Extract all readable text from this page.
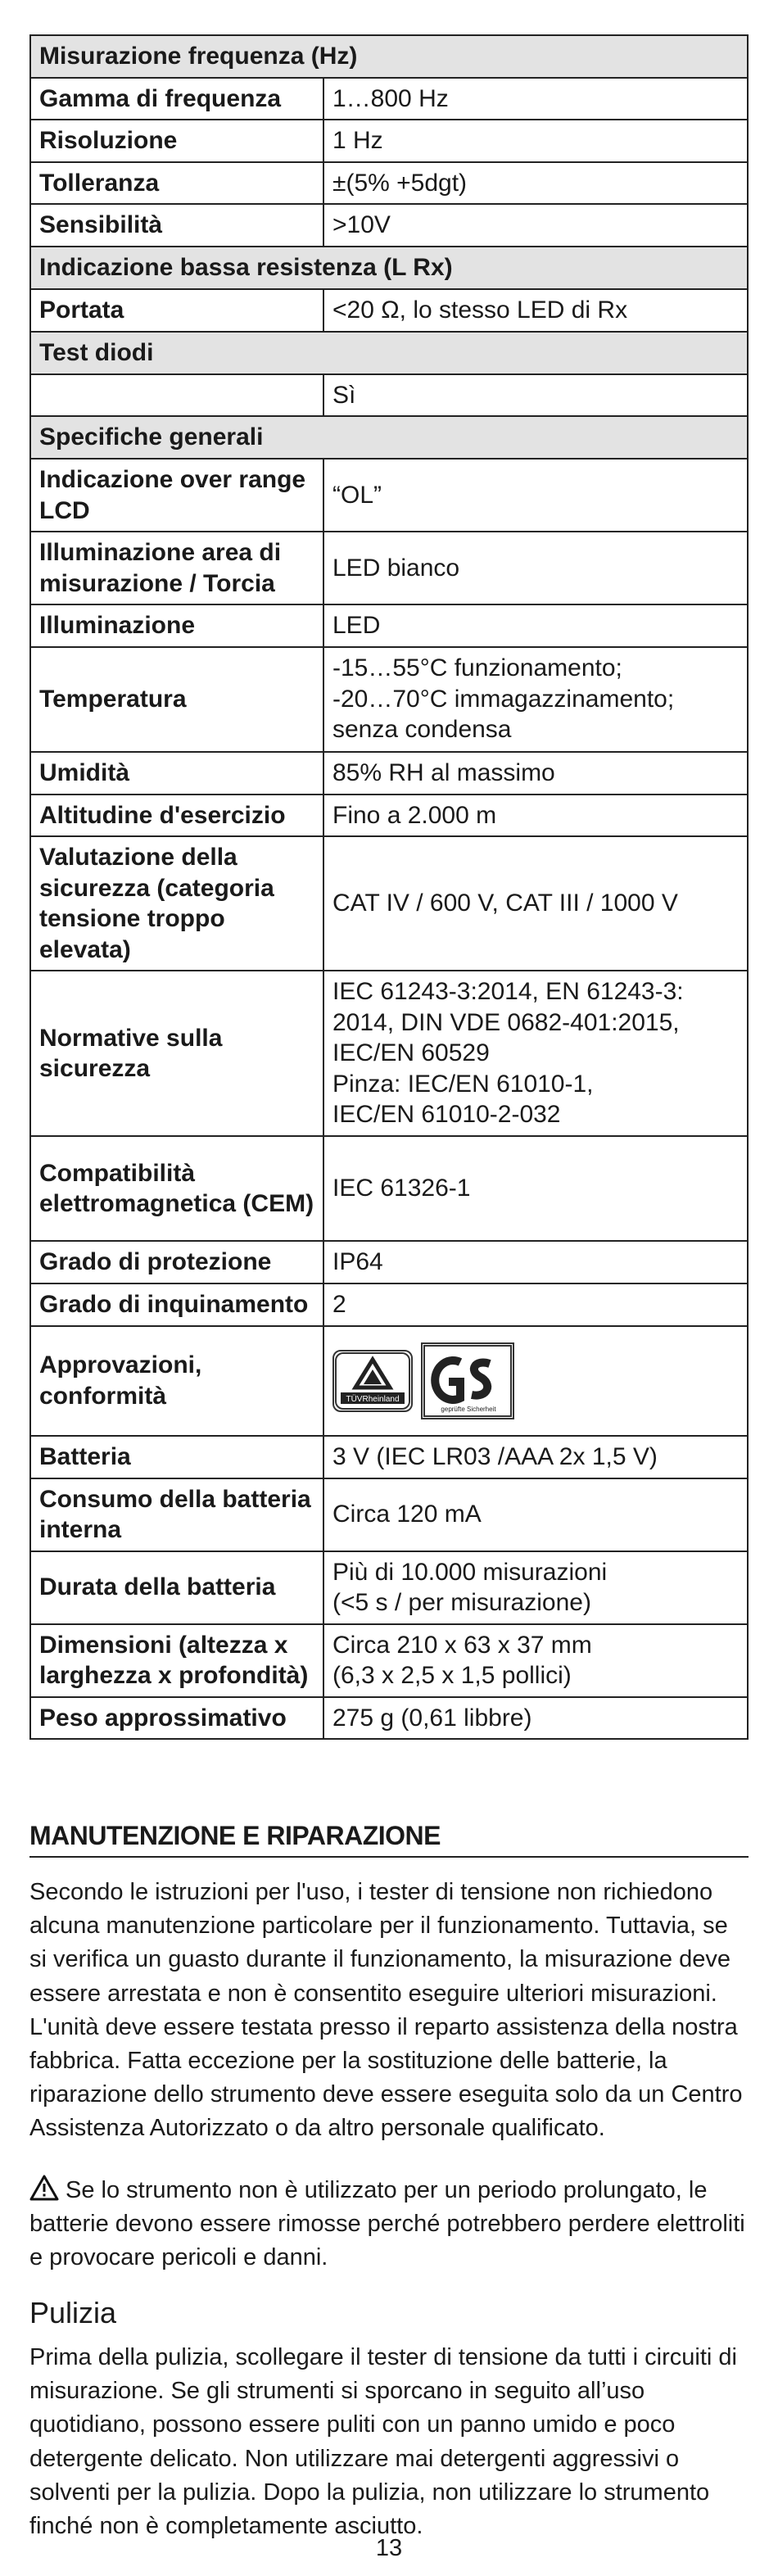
Misurazione frequenza (Hz)	
Gamma di frequenza	1…800 Hz
Risoluzione	1 Hz
Tolleranza	±(5% +5dgt)
Sensibilità	>10V
Indicazione bassa resistenza (L Rx)	
Portata	<20 Ω, lo stesso LED di Rx
Test diodi	
	Sì
Specifiche generali	
Indicazione over range LCD	“OL”
Illuminazione area di misurazione / Torcia	LED bianco
Illuminazione	LED
Temperatura	-15…55°C funzionamento;
-20…70°C immagazzinamento;
senza condensa
Umidità	85% RH al massimo
Altitudine d'esercizio	Fino a 2.000 m
Valutazione della sicurezza (categoria tensione troppo elevata)	CAT IV / 600 V, CAT III / 1000 V
Normative sulla sicurezza	IEC 61243-3:2014, EN 61243-3:
2014, DIN VDE 0682-401:2015,
IEC/EN 60529
Pinza: IEC/EN 61010-1,
IEC/EN 61010-2-032
Compatibilità elettromagnetica (CEM)	IEC 61326-1
Grado di protezione	IP64
Grado di inquinamento	2
Approvazioni, conformità	TÜVRheinland
geprüfte Sicherheit

Batteria	3 V (IEC LR03 /AAA 2x 1,5 V)
Consumo della batteria interna	Circa 120 mA
Durata della batteria	Più di 10.000 misurazioni
(<5 s / per misurazione)
Dimensioni (altezza x larghezza x profondità)	Circa 210 x 63 x 37 mm
(6,3 x 2,5 x 1,5 pollici)
Peso approssimativo	275 g (0,61 libbre)
MANUTENZIONE E RIPARAZIONE

Secondo le istruzioni per l'uso, i tester di tensione non richiedono alcuna manutenzione particolare per il funzionamento. Tuttavia, se si verifica un guasto durante il funzionamento, la misurazione deve essere arrestata e non è consentito eseguire ulteriori misurazioni. L'unità deve essere testata presso il reparto assistenza della nostra fabbrica. Fatta eccezione per la sostituzione delle batterie, la riparazione dello strumento deve essere eseguita solo da un Centro Assistenza Autorizzato o da altro personale qualificato.

Se lo strumento non è utilizzato per un periodo prolungato, le batterie devono essere rimosse perché potrebbero perdere elettroliti e provocare pericoli e danni.

Pulizia

Prima della pulizia, scollegare il tester di tensione da tutti i circuiti di misurazione. Se gli strumenti si sporcano in seguito all’uso quotidiano, possono essere puliti con un panno umido e poco detergente delicato. Non utilizzare mai detergenti aggressivi o solventi per la pulizia. Dopo la pulizia, non utilizzare lo strumento finché non è completamente asciutto.

13
